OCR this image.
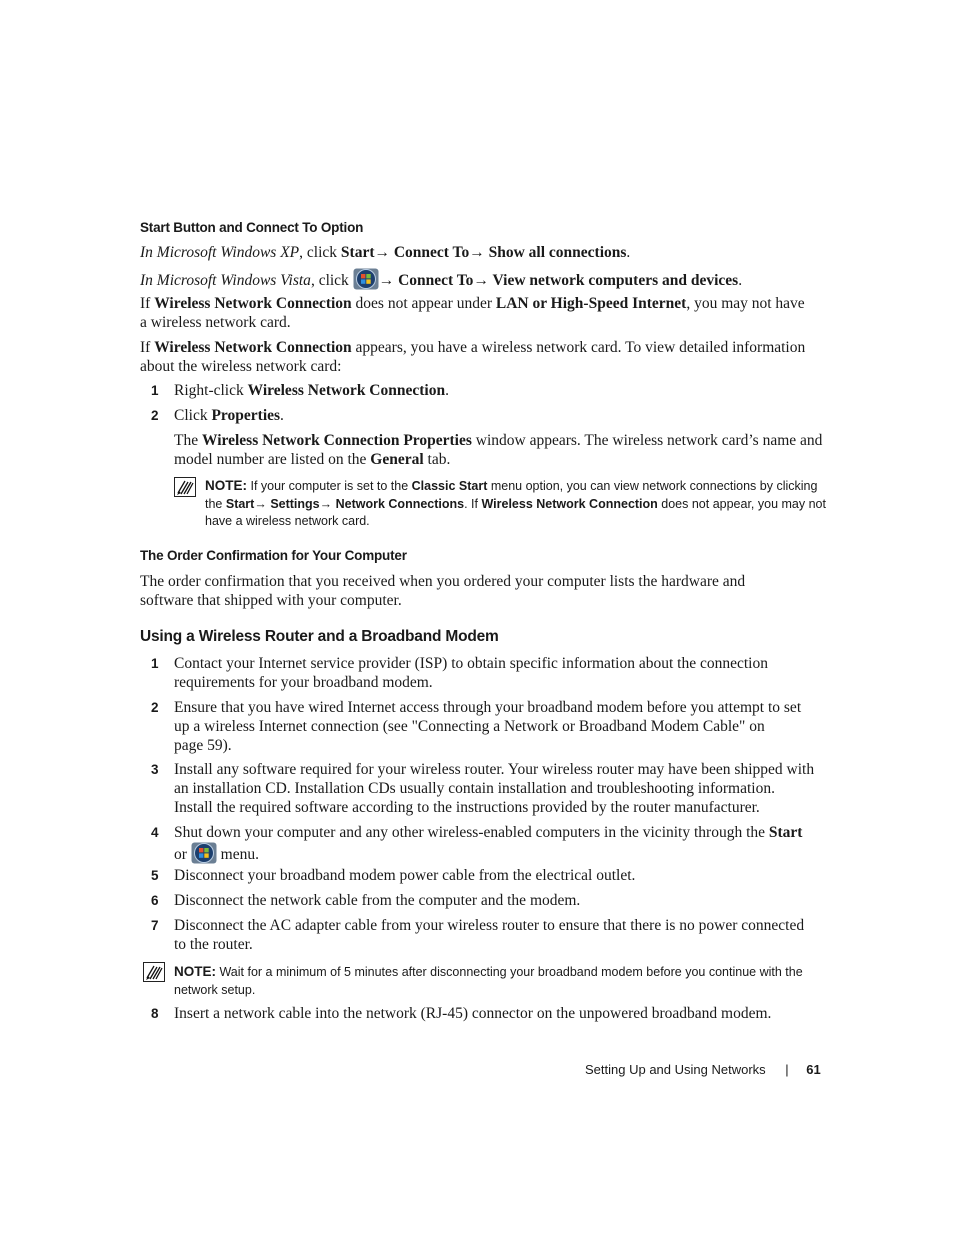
Start Button and Connect To Option
In Microsoft Windows XP, click Start→ Connect To→ Show all connections.
In Microsoft Windows Vista, click → Connect To→ View network computers and devices.
If Wireless Network Connection does not appear under LAN or High-Speed Internet, you may not have
a wireless network card.
If Wireless Network Connection appears, you have a wireless network card. To view detailed information
about the wireless network card:
1 Right-click Wireless Network Connection.
2 Click Properties.
The Wireless Network Connection Properties window appears. The wireless network card’s name and
model number are listed on the General tab.
NOTE: If your computer is set to the Classic Start menu option, you can view network connections by clicking
the Start→ Settings→ Network Connections. If Wireless Network Connection does not appear, you may not
have a wireless network card.
The Order Confirmation for Your Computer
The order confirmation that you received when you ordered your computer lists the hardware and
software that shipped with your computer.
Using a Wireless Router and a Broadband Modem
1 Contact your Internet service provider (ISP) to obtain specific information about the connection
requirements for your broadband modem.
2 Ensure that you have wired Internet access through your broadband modem before you attempt to set
up a wireless Internet connection (see "Connecting a Network or Broadband Modem Cable" on
page 59).
3 Install any software required for your wireless router. Your wireless router may have been shipped with
an installation CD. Installation CDs usually contain installation and troubleshooting information.
Install the required software according to the instructions provided by the router manufacturer.
4 Shut down your computer and any other wireless-enabled computers in the vicinity through the Start
or  menu.
5 Disconnect your broadband modem power cable from the electrical outlet.
6 Disconnect the network cable from the computer and the modem.
7 Disconnect the AC adapter cable from your wireless router to ensure that there is no power connected
to the router.
NOTE: Wait for a minimum of 5 minutes after disconnecting your broadband modem before you continue with the
network setup.
8 Insert a network cable into the network (RJ-45) connector on the unpowered broadband modem.
Setting Up and Using Networks | 61
